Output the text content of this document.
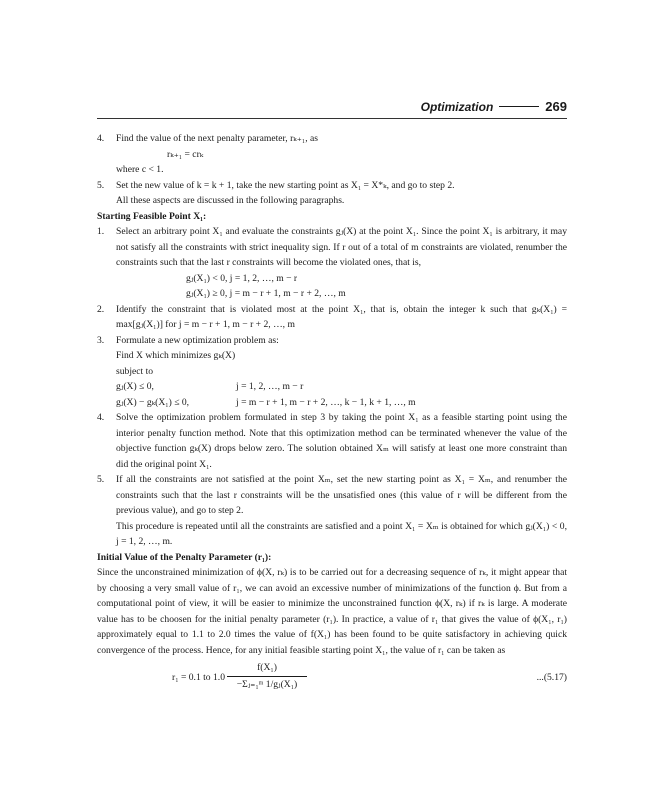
Optimization	269
4.	Find the value of the next penalty parameter, rₖ₊₁, as

rₖ₊₁ = crₖ

where c < 1.

5.	Set the new value of k = k + 1, take the new starting point as X₁ = X*ₖ, and go to step 2.

All these aspects are discussed in the following paragraphs.

Starting Feasible Point X₁:

1.	Select an arbitrary point X₁ and evaluate the constraints gⱼ(X) at the point X₁. Since the point X₁ is arbitrary, it may not satisfy all the constraints with strict inequality sign. If r out of a total of m constraints are violated, renumber the constraints such that the last r constraints will become the violated ones, that is,
gⱼ(X₁) < 0, j = 1, 2, …, m − r
gⱼ(X₁) ≥ 0, j = m − r + 1, m − r + 2, …, m
2.	Identify the constraint that is violated most at the point X₁, that is, obtain the integer k such that gₖ(X₁) = max[gⱼ(X₁)] for j = m − r + 1, m − r + 2, …, m
3.	Formulate a new optimization problem as:
Find X which minimizes gₖ(X)
subject to
gⱼ(X) ≤ 0,	j = 1, 2, …, m − r
gⱼ(X) − gₖ(X₁) ≤ 0,	j = m − r + 1, m − r + 2, …, k − 1, k + 1, …, m
4.	Solve the optimization problem formulated in step 3 by taking the point X₁ as a feasible starting point using the interior penalty function method. Note that this optimization method can be terminated whenever the value of the objective function gₖ(X) drops below zero. The solution obtained Xₘ will satisfy at least one more constraint than did the original point X₁.
5.	If all the constraints are not satisfied at the point Xₘ, set the new starting point as X₁ = Xₘ, and renumber the constraints such that the last r constraints will be the unsatisfied ones (this value of r will be different from the previous value), and go to step 2.

This procedure is repeated until all the constraints are satisfied and a point X₁ = Xₘ is obtained for which gⱼ(X₁) < 0, j = 1, 2, …, m.

Initial Value of the Penalty Parameter (r₁):

Since the unconstrained minimization of ϕ(X, rₖ) is to be carried out for a decreasing sequence of rₖ, it might appear that by choosing a very small value of r₁, we can avoid an excessive number of minimizations of the function ϕ. But from a computational point of view, it will be easier to minimize the unconstrained function ϕ(X, rₖ) if rₖ is large. A moderate value has to be choosen for the initial penalty parameter (r₁). In practice, a value of r₁ that gives the value of ϕ(X₁, r₁) approximately equal to 1.1 to 2.0 times the value of f(X₁) has been found to be quite satisfactory in achieving quick convergence of the process. Hence, for any initial feasible starting point X₁, the value of r₁ can be taken as

r₁ = 0.1 to $1.0 \frac{\text{f(X₁)}}{\text{−Σⱼ₌₁ᵐ 1/gⱼ(X₁)}}$	...(5.17)
